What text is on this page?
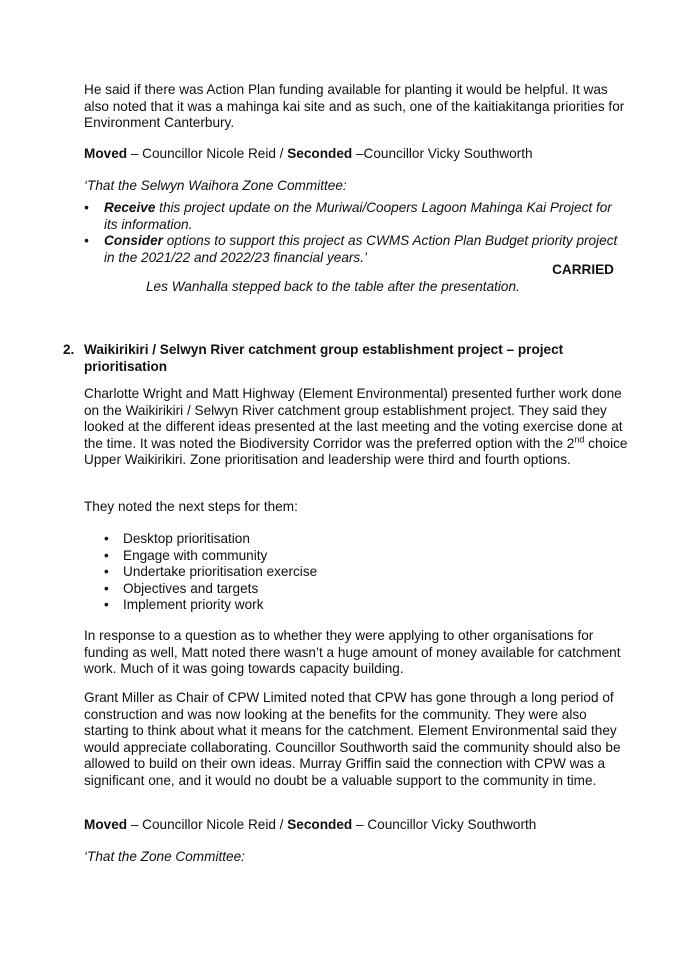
He said if there was Action Plan funding available for planting it would be helpful. It was also noted that it was a mahinga kai site and as such, one of the kaitiakitanga priorities for Environment Canterbury.

Moved – Councillor Nicole Reid / Seconded –Councillor Vicky Southworth

‘That the Selwyn Waihora Zone Committee:

• Receive this project update on the Muriwai/Coopers Lagoon Mahinga Kai Project for its information.
• Consider options to support this project as CWMS Action Plan Budget priority project in the 2021/22 and 2022/23 financial years.’
CARRIED

Les Wanhalla stepped back to the table after the presentation.

2. Waikirikiri / Selwyn River catchment group establishment project – project prioritisation

Charlotte Wright and Matt Highway (Element Environmental) presented further work done on the Waikirikiri / Selwyn River catchment group establishment project. They said they looked at the different ideas presented at the last meeting and the voting exercise done at the time. It was noted the Biodiversity Corridor was the preferred option with the 2nd choice Upper Waikirikiri. Zone prioritisation and leadership were third and fourth options.

They noted the next steps for them:

• Desktop prioritisation
• Engage with community
• Undertake prioritisation exercise
• Objectives and targets
• Implement priority work

In response to a question as to whether they were applying to other organisations for funding as well, Matt noted there wasn’t a huge amount of money available for catchment work. Much of it was going towards capacity building.

Grant Miller as Chair of CPW Limited noted that CPW has gone through a long period of construction and was now looking at the benefits for the community. They were also starting to think about what it means for the catchment. Element Environmental said they would appreciate collaborating. Councillor Southworth said the community should also be allowed to build on their own ideas. Murray Griffin said the connection with CPW was a significant one, and it would no doubt be a valuable support to the community in time.

Moved – Councillor Nicole Reid / Seconded – Councillor Vicky Southworth

‘That the Zone Committee:
